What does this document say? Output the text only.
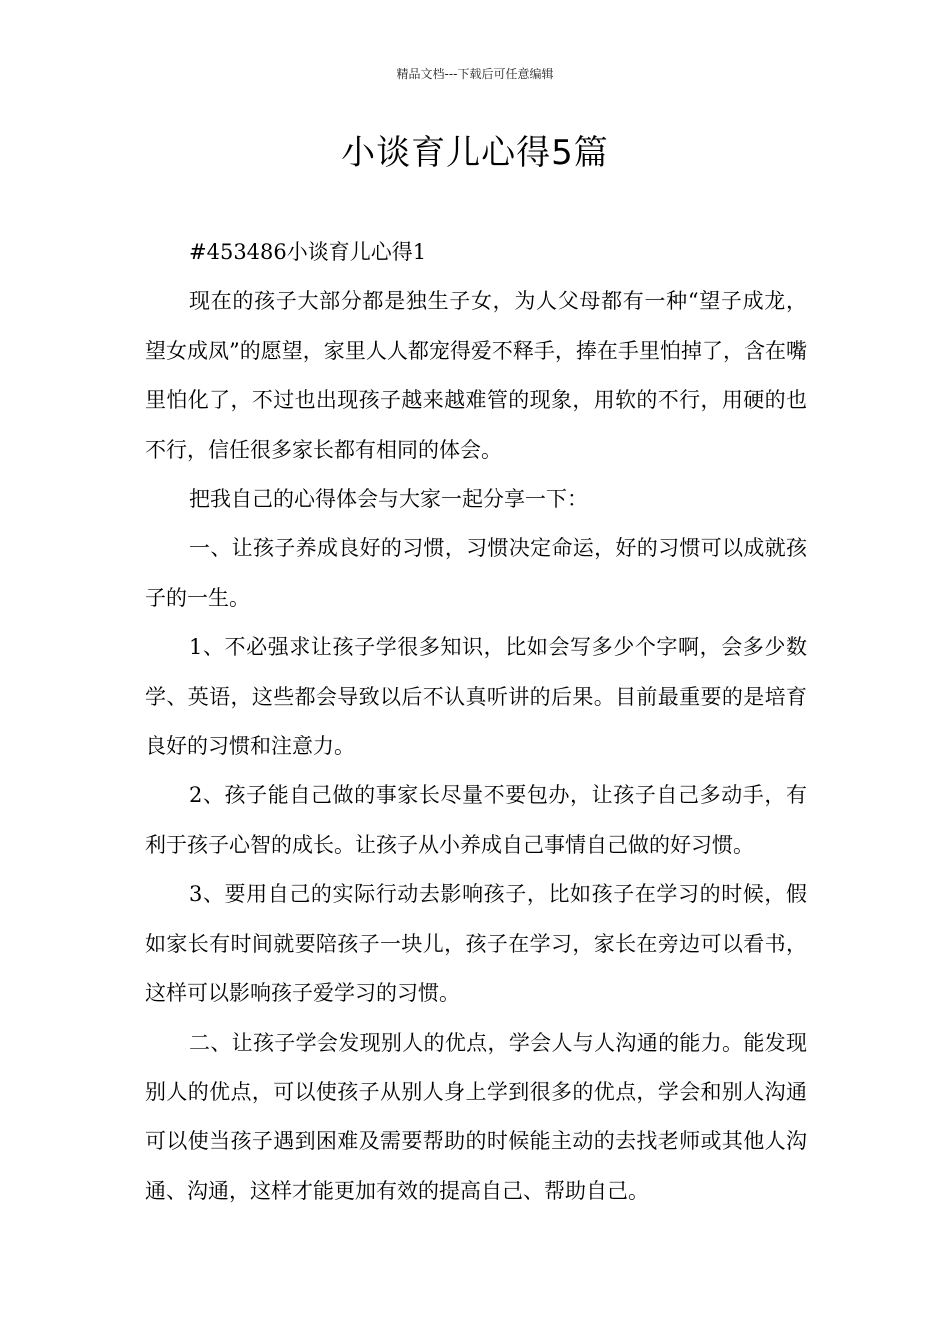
精品文档---下载后可任意编辑
小谈育儿心得5篇

#453486小谈育儿心得1

现在的孩子大部分都是独生子女，为人父母都有一种“望子成龙，望女成凤”的愿望，家里人人都宠得爱不释手，捧在手里怕掉了，含在嘴里怕化了，不过也出现孩子越来越难管的现象，用软的不行，用硬的也不行，信任很多家长都有相同的体会。

把我自己的心得体会与大家一起分享一下：

一、让孩子养成良好的习惯，习惯决定命运，好的习惯可以成就孩子的一生。

1、不必强求让孩子学很多知识，比如会写多少个字啊，会多少数学、英语，这些都会导致以后不认真听讲的后果。目前最重要的是培育良好的习惯和注意力。

2、孩子能自己做的事家长尽量不要包办，让孩子自己多动手，有利于孩子心智的成长。让孩子从小养成自己事情自己做的好习惯。

3、要用自己的实际行动去影响孩子，比如孩子在学习的时候，假如家长有时间就要陪孩子一块儿，孩子在学习，家长在旁边可以看书，这样可以影响孩子爱学习的习惯。

二、让孩子学会发现别人的优点，学会人与人沟通的能力。能发现别人的优点，可以使孩子从别人身上学到很多的优点，学会和别人沟通可以使当孩子遇到困难及需要帮助的时候能主动的去找老师或其他人沟通、沟通，这样才能更加有效的提高自己、帮助自己。
